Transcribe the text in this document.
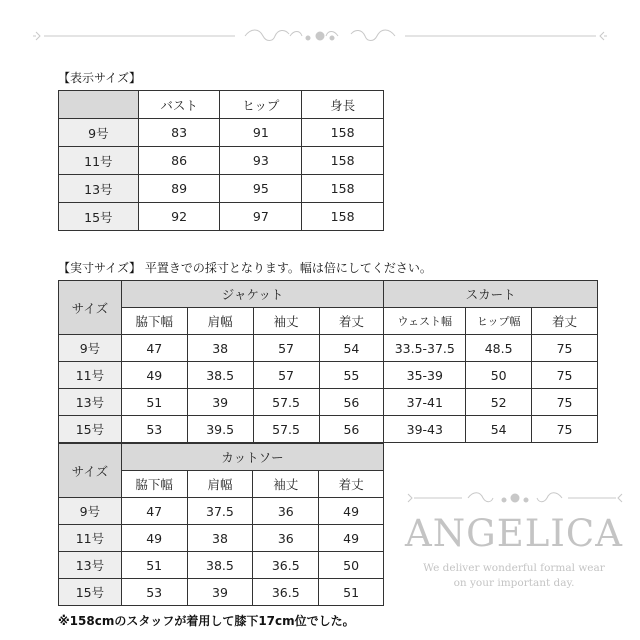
【表示サイズ】
	バスト	ヒップ	身長
9号	83	91	158
11号	86	93	158
13号	89	95	158
15号	92	97	158
【実寸サイズ】 平置きでの採寸となります。幅は倍にしてください。
サイズ	ジャケット				スカート		
	脇下幅	肩幅	袖丈	着丈	ウェスト幅	ヒップ幅	着丈
9号	47	38	57	54	33.5-37.5	48.5	75
11号	49	38.5	57	55	35-39	50	75
13号	51	39	57.5	56	37-41	52	75
15号	53	39.5	57.5	56	39-43	54	75
サイズ	カットソー			
	脇下幅	肩幅	袖丈	着丈
9号	47	37.5	36	49
11号	49	38	36	49
13号	51	38.5	36.5	50
15号	53	39	36.5	51
ANGELICA
We deliver wonderful formal wear
on your important day.
※158cmのスタッフが着用して膝下17cm位でした。
